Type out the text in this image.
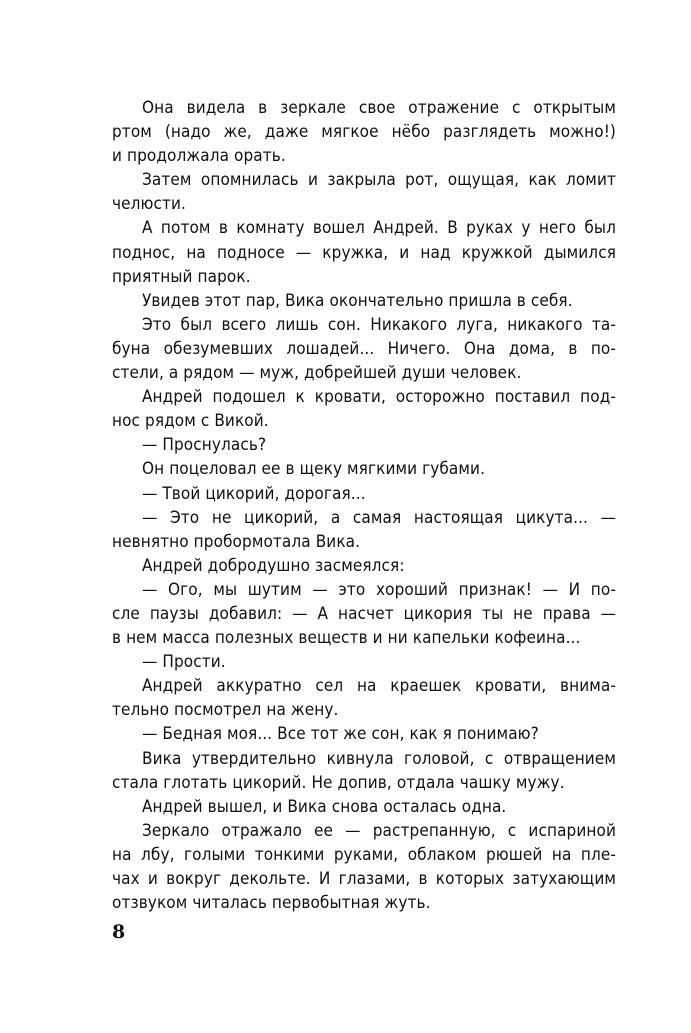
Она видела в зеркале свое отражение с открытым
ртом (надо же, даже мягкое нёбо разглядеть можно!)
и продолжала орать.
Затем опомнилась и закрыла рот, ощущая, как ломит
челюсти.
А потом в комнату вошел Андрей. В руках у него был
поднос, на подносе — кружка, и над кружкой дымился
приятный парок.
Увидев этот пар, Вика окончательно пришла в себя.
Это был всего лишь сон. Никакого луга, никакого та-
буна обезумевших лошадей... Ничего. Она дома, в по-
стели, а рядом — муж, добрейшей души человек.
Андрей подошел к кровати, осторожно поставил под-
нос рядом с Викой.
— Проснулась?
Он поцеловал ее в щеку мягкими губами.
— Твой цикорий, дорогая...
— Это не цикорий, а самая настоящая цикута... —
невнятно пробормотала Вика.
Андрей добродушно засмеялся:
— Ого, мы шутим — это хороший признак! — И по-
сле паузы добавил: — А насчет цикория ты не права —
в нем масса полезных веществ и ни капельки кофеина...
— Прости.
Андрей аккуратно сел на краешек кровати, внима-
тельно посмотрел на жену.
— Бедная моя... Все тот же сон, как я понимаю?
Вика утвердительно кивнула головой, с отвращением
стала глотать цикорий. Не допив, отдала чашку мужу.
Андрей вышел, и Вика снова осталась одна.
Зеркало отражало ее — растрепанную, с испариной
на лбу, голыми тонкими руками, облаком рюшей на пле-
чах и вокруг декольте. И глазами, в которых затухающим
отзвуком читалась первобытная жуть.
8
